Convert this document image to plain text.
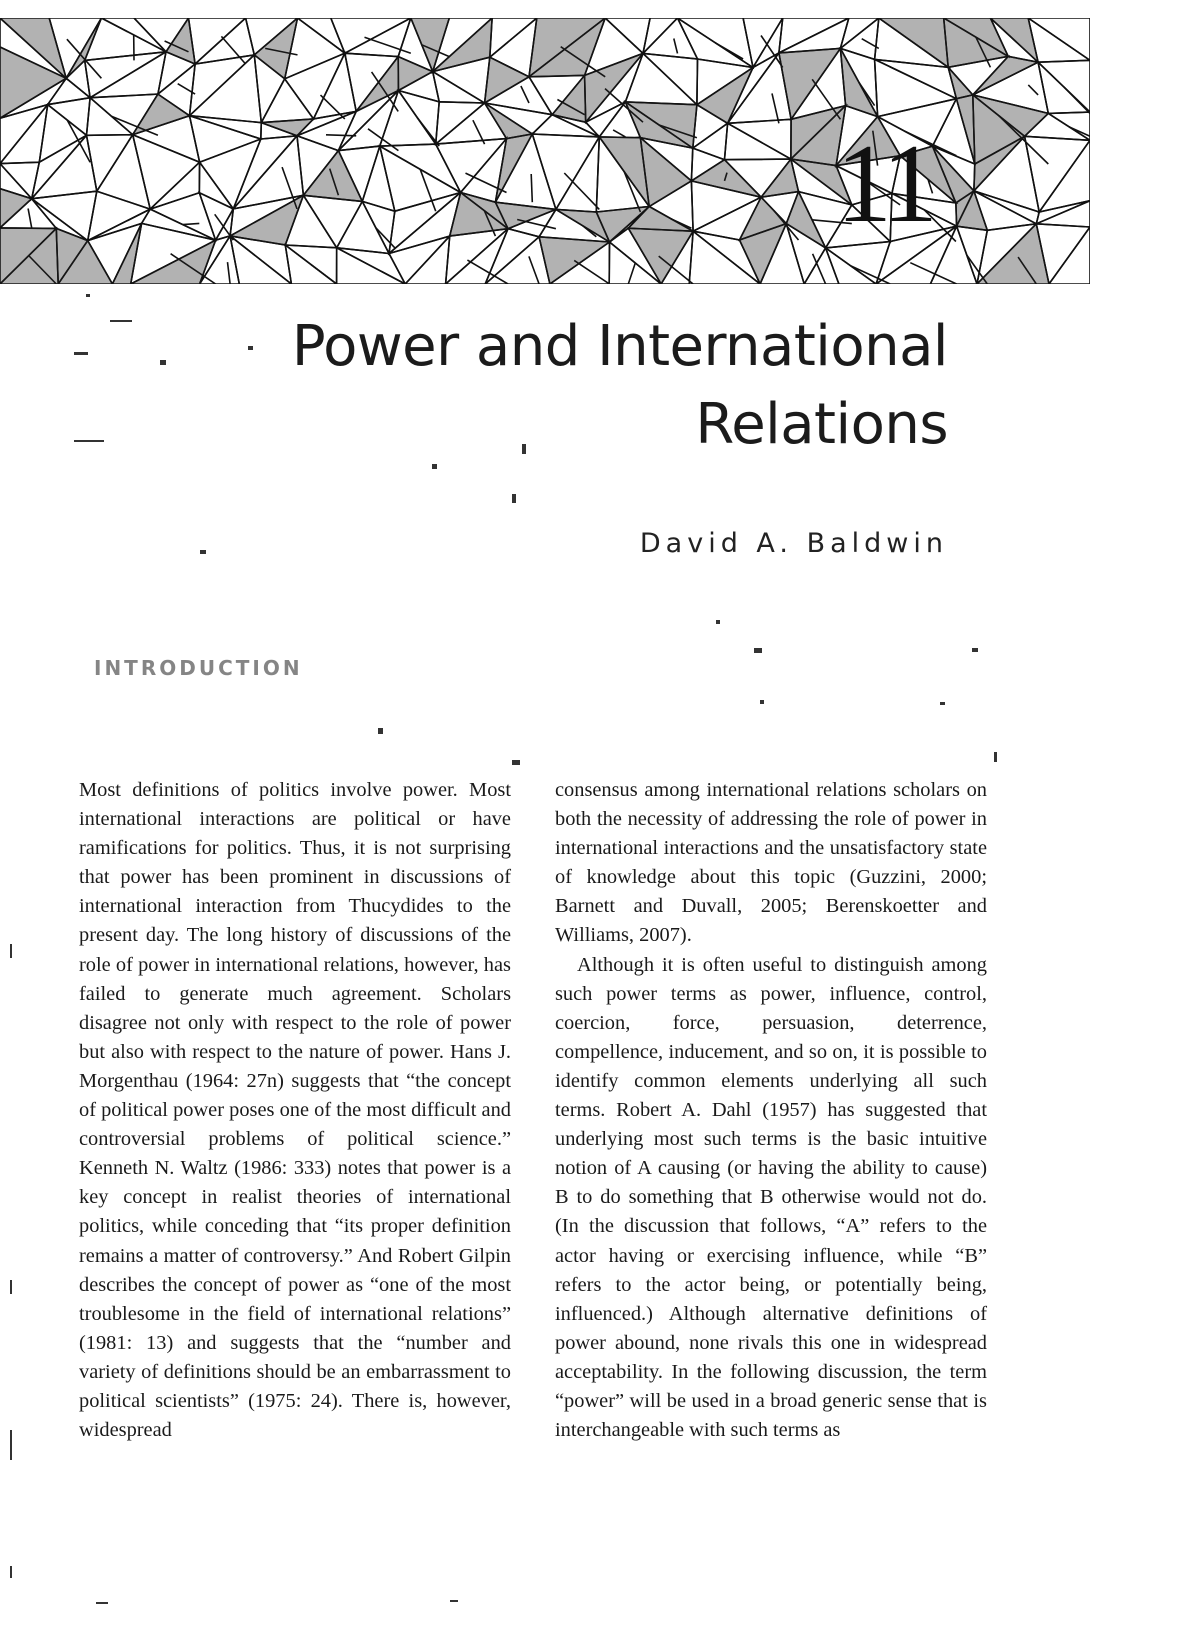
11
Power and International
Relations
David A. Baldwin
INTRODUCTION

Most definitions of politics involve power. Most international interactions are political or have ramifications for politics. Thus, it is not surprising that power has been prominent in discussions of international interaction from Thucydides to the present day. The long history of discussions of the role of power in international relations, however, has failed to generate much agreement. Scholars disagree not only with respect to the role of power but also with respect to the nature of power. Hans J. Morgenthau (1964: 27n) suggests that “the concept of political power poses one of the most difficult and controversial problems of political science.” Kenneth N. Waltz (1986: 333) notes that power is a key concept in realist theories of international politics, while conceding that “its proper definition remains a matter of controversy.” And Robert Gilpin describes the concept of power as “one of the most troublesome in the field of international relations” (1981: 13) and suggests that the “number and variety of definitions should be an embarrassment to political scientists” (1975: 24). There is, however, widespread

consensus among international relations scholars on both the necessity of addressing the role of power in international interactions and the unsatisfactory state of knowledge about this topic (Guzzini, 2000; Barnett and Duvall, 2005; Berenskoetter and Williams, 2007).

Although it is often useful to distinguish among such power terms as power, influence, control, coercion, force, persuasion, deterrence, compellence, inducement, and so on, it is possible to identify common elements underlying all such terms. Robert A. Dahl (1957) has suggested that underlying most such terms is the basic intuitive notion of A causing (or having the ability to cause) B to do something that B otherwise would not do. (In the discussion that follows, “A” refers to the actor having or exercising influence, while “B” refers to the actor being, or potentially being, influenced.) Although alternative definitions of power abound, none rivals this one in widespread acceptability. In the following discussion, the term “power” will be used in a broad generic sense that is interchangeable with such terms as
